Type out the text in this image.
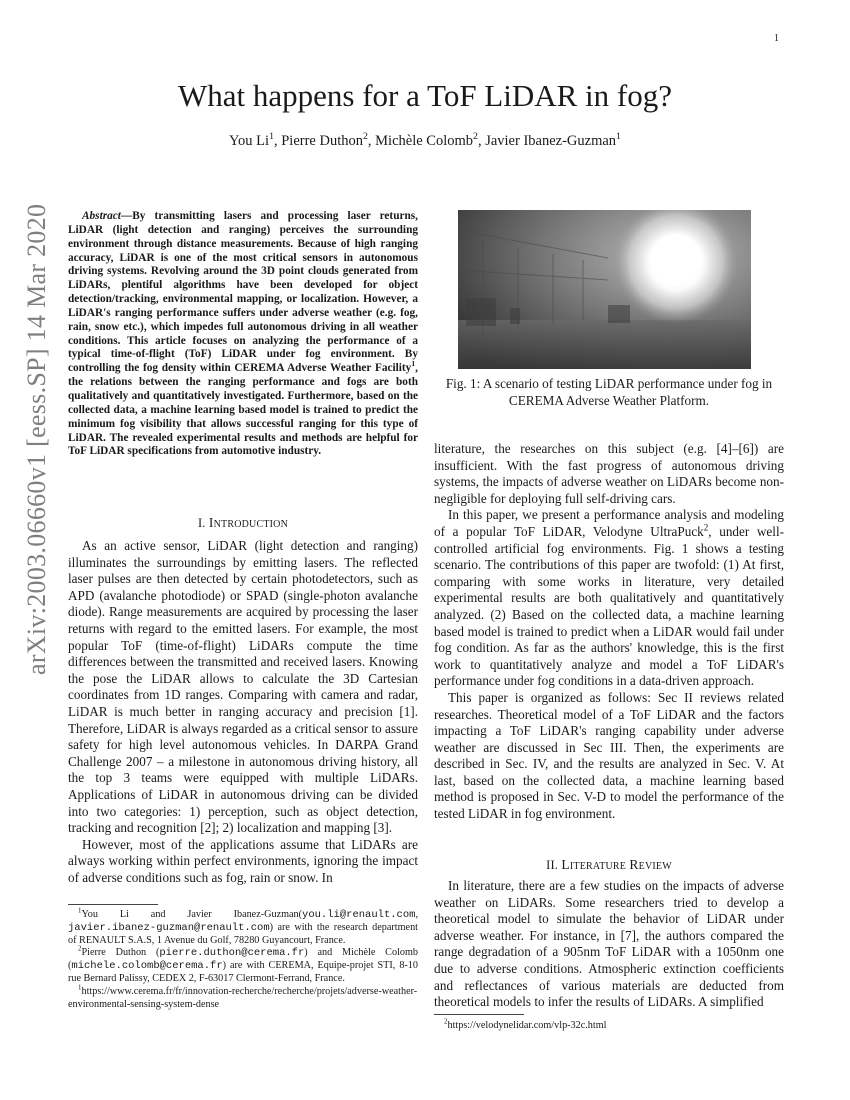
1
arXiv:2003.06660v1 [eess.SP] 14 Mar 2020
What happens for a ToF LiDAR in fog?
You Li$^1$, Pierre Duthon$^2$, Michèle Colomb$^2$, Javier Ibanez-Guzman$^1$
Abstract—By transmitting lasers and processing laser returns, LiDAR (light detection and ranging) perceives the surrounding environment through distance measurements. Because of high ranging accuracy, LiDAR is one of the most critical sensors in autonomous driving systems. Revolving around the 3D point clouds generated from LiDARs, plentiful algorithms have been developed for object detection/tracking, environmental mapping, or localization. However, a LiDAR's ranging performance suffers under adverse weather (e.g. fog, rain, snow etc.), which impedes full autonomous driving in all weather conditions. This article focuses on analyzing the performance of a typical time-of-flight (ToF) LiDAR under fog environment. By controlling the fog density within CEREMA Adverse Weather Facility$^1$, the relations between the ranging performance and fogs are both qualitatively and quantitatively investigated. Furthermore, based on the collected data, a machine learning based model is trained to predict the minimum fog visibility that allows successful ranging for this type of LiDAR. The revealed experimental results and methods are helpful for ToF LiDAR specifications from automotive industry.
I. INTRODUCTION

As an active sensor, LiDAR (light detection and ranging) illuminates the surroundings by emitting lasers. The reflected laser pulses are then detected by certain photodetectors, such as APD (avalanche photodiode) or SPAD (single-photon avalanche diode). Range measurements are acquired by processing the laser returns with regard to the emitted lasers. For example, the most popular ToF (time-of-flight) LiDARs compute the time differences between the transmitted and received lasers. Knowing the pose the LiDAR allows to calculate the 3D Cartesian coordinates from 1D ranges. Comparing with camera and radar, LiDAR is much better in ranging accuracy and precision [1]. Therefore, LiDAR is always regarded as a critical sensor to assure safety for high level autonomous vehicles. In DARPA Grand Challenge 2007 – a milestone in autonomous driving history, all the top 3 teams were equipped with multiple LiDARs. Applications of LiDAR in autonomous driving can be divided into two categories: 1) perception, such as object detection, tracking and recognition [2]; 2) localization and mapping [3].

However, most of the applications assume that LiDARs are always working within perfect environments, ignoring the impact of adverse conditions such as fog, rain or snow. In

$^1$You Li and Javier Ibanez-Guzman(you.li@renault.com, javier.ibanez-guzman@renault.com) are with the research department of RENAULT S.A.S, 1 Avenue du Golf, 78280 Guyancourt, France.

$^2$Pierre Duthon (pierre.duthon@cerema.fr) and Michèle Colomb (michele.colomb@cerema.fr) are with CEREMA, Equipe-projet STI, 8-10 rue Bernard Palissy, CEDEX 2, F-63017 Clermont-Ferrand, France.

$^1$https://www.cerema.fr/fr/innovation-recherche/recherche/projets/adverse-weather-environmental-sensing-system-dense

Fig. 1: A scenario of testing LiDAR performance under fog in CEREMA Adverse Weather Platform.

literature, the researches on this subject (e.g. [4]–[6]) are insufficient. With the fast progress of autonomous driving systems, the impacts of adverse weather on LiDARs become non-negligible for deploying full self-driving cars.

In this paper, we present a performance analysis and modeling of a popular ToF LiDAR, Velodyne UltraPuck$^2$, under well-controlled artificial fog environments. Fig. 1 shows a testing scenario. The contributions of this paper are twofold: (1) At first, comparing with some works in literature, very detailed experimental results are both qualitatively and quantitatively analyzed. (2) Based on the collected data, a machine learning based model is trained to predict when a LiDAR would fail under fog condition. As far as the authors' knowledge, this is the first work to quantitatively analyze and model a ToF LiDAR's performance under fog conditions in a data-driven approach.

This paper is organized as follows: Sec II reviews related researches. Theoretical model of a ToF LiDAR and the factors impacting a ToF LiDAR's ranging capability under adverse weather are discussed in Sec III. Then, the experiments are described in Sec. IV, and the results are analyzed in Sec. V. At last, based on the collected data, a machine learning based method is proposed in Sec. V-D to model the performance of the tested LiDAR in fog environment.

II. LITERATURE REVIEW

In literature, there are a few studies on the impacts of adverse weather on LiDARs. Some researchers tried to develop a theoretical model to simulate the behavior of LiDAR under adverse weather. For instance, in [7], the authors compared the range degradation of a 905nm ToF LiDAR with a 1050nm one due to adverse conditions. Atmospheric extinction coefficients and reflectances of various materials are deducted from theoretical models to infer the results of LiDARs. A simplified

$^2$https://velodynelidar.com/vlp-32c.html
